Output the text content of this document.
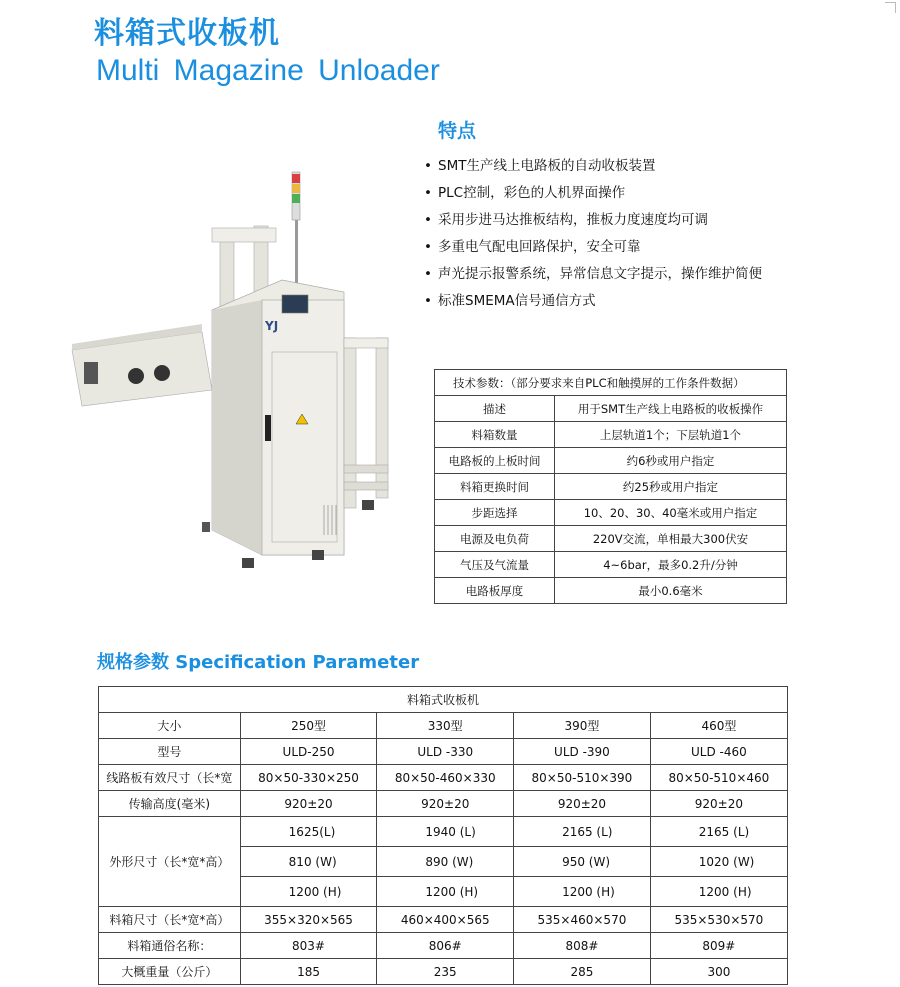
料箱式收板机
Multi Magazine Unloader
YJ
特点
• SMT生产线上电路板的自动收板装置
• PLC控制，彩色的人机界面操作
• 采用步进马达推板结构，推板力度速度均可调
• 多重电气配电回路保护，安全可靠
• 声光提示报警系统，异常信息文字提示，操作维护简便
• 标准SMEMA信号通信方式
技术参数：（部分要求来自PLC和触摸屏的工作条件数据）	
描述	用于SMT生产线上电路板的收板操作
料箱数量	上层轨道1个；下层轨道1个
电路板的上板时间	约6秒或用户指定
料箱更换时间	约25秒或用户指定
步距选择	10、20、30、40毫米或用户指定
电源及电负荷	220V交流，单相最大300伏安
气压及气流量	4~6bar，最多0.2升/分钟
电路板厚度	最小0.6毫米
规格参数 Specification Parameter
料箱式收板机				
大小	250型	330型	390型	460型
型号	ULD-250	ULD -330	ULD -390	ULD -460
线路板有效尺寸（长*宽	80×50-330×250	80×50-460×330	80×50-510×390	80×50-510×460
传输高度(毫米)	920±20	920±20	920±20	920±20
外形尺寸（长*宽*高）	1625(L)	1940 (L)	2165 (L)	2165 (L)
	810 (W)	890 (W)	950 (W)	1020 (W)
	1200 (H)	1200 (H)	1200 (H)	1200 (H)
料箱尺寸（长*宽*高）	355×320×565	460×400×565	535×460×570	535×530×570
料箱通俗名称：	803#	806#	808#	809#
大概重量（公斤）	185	235	285	300
